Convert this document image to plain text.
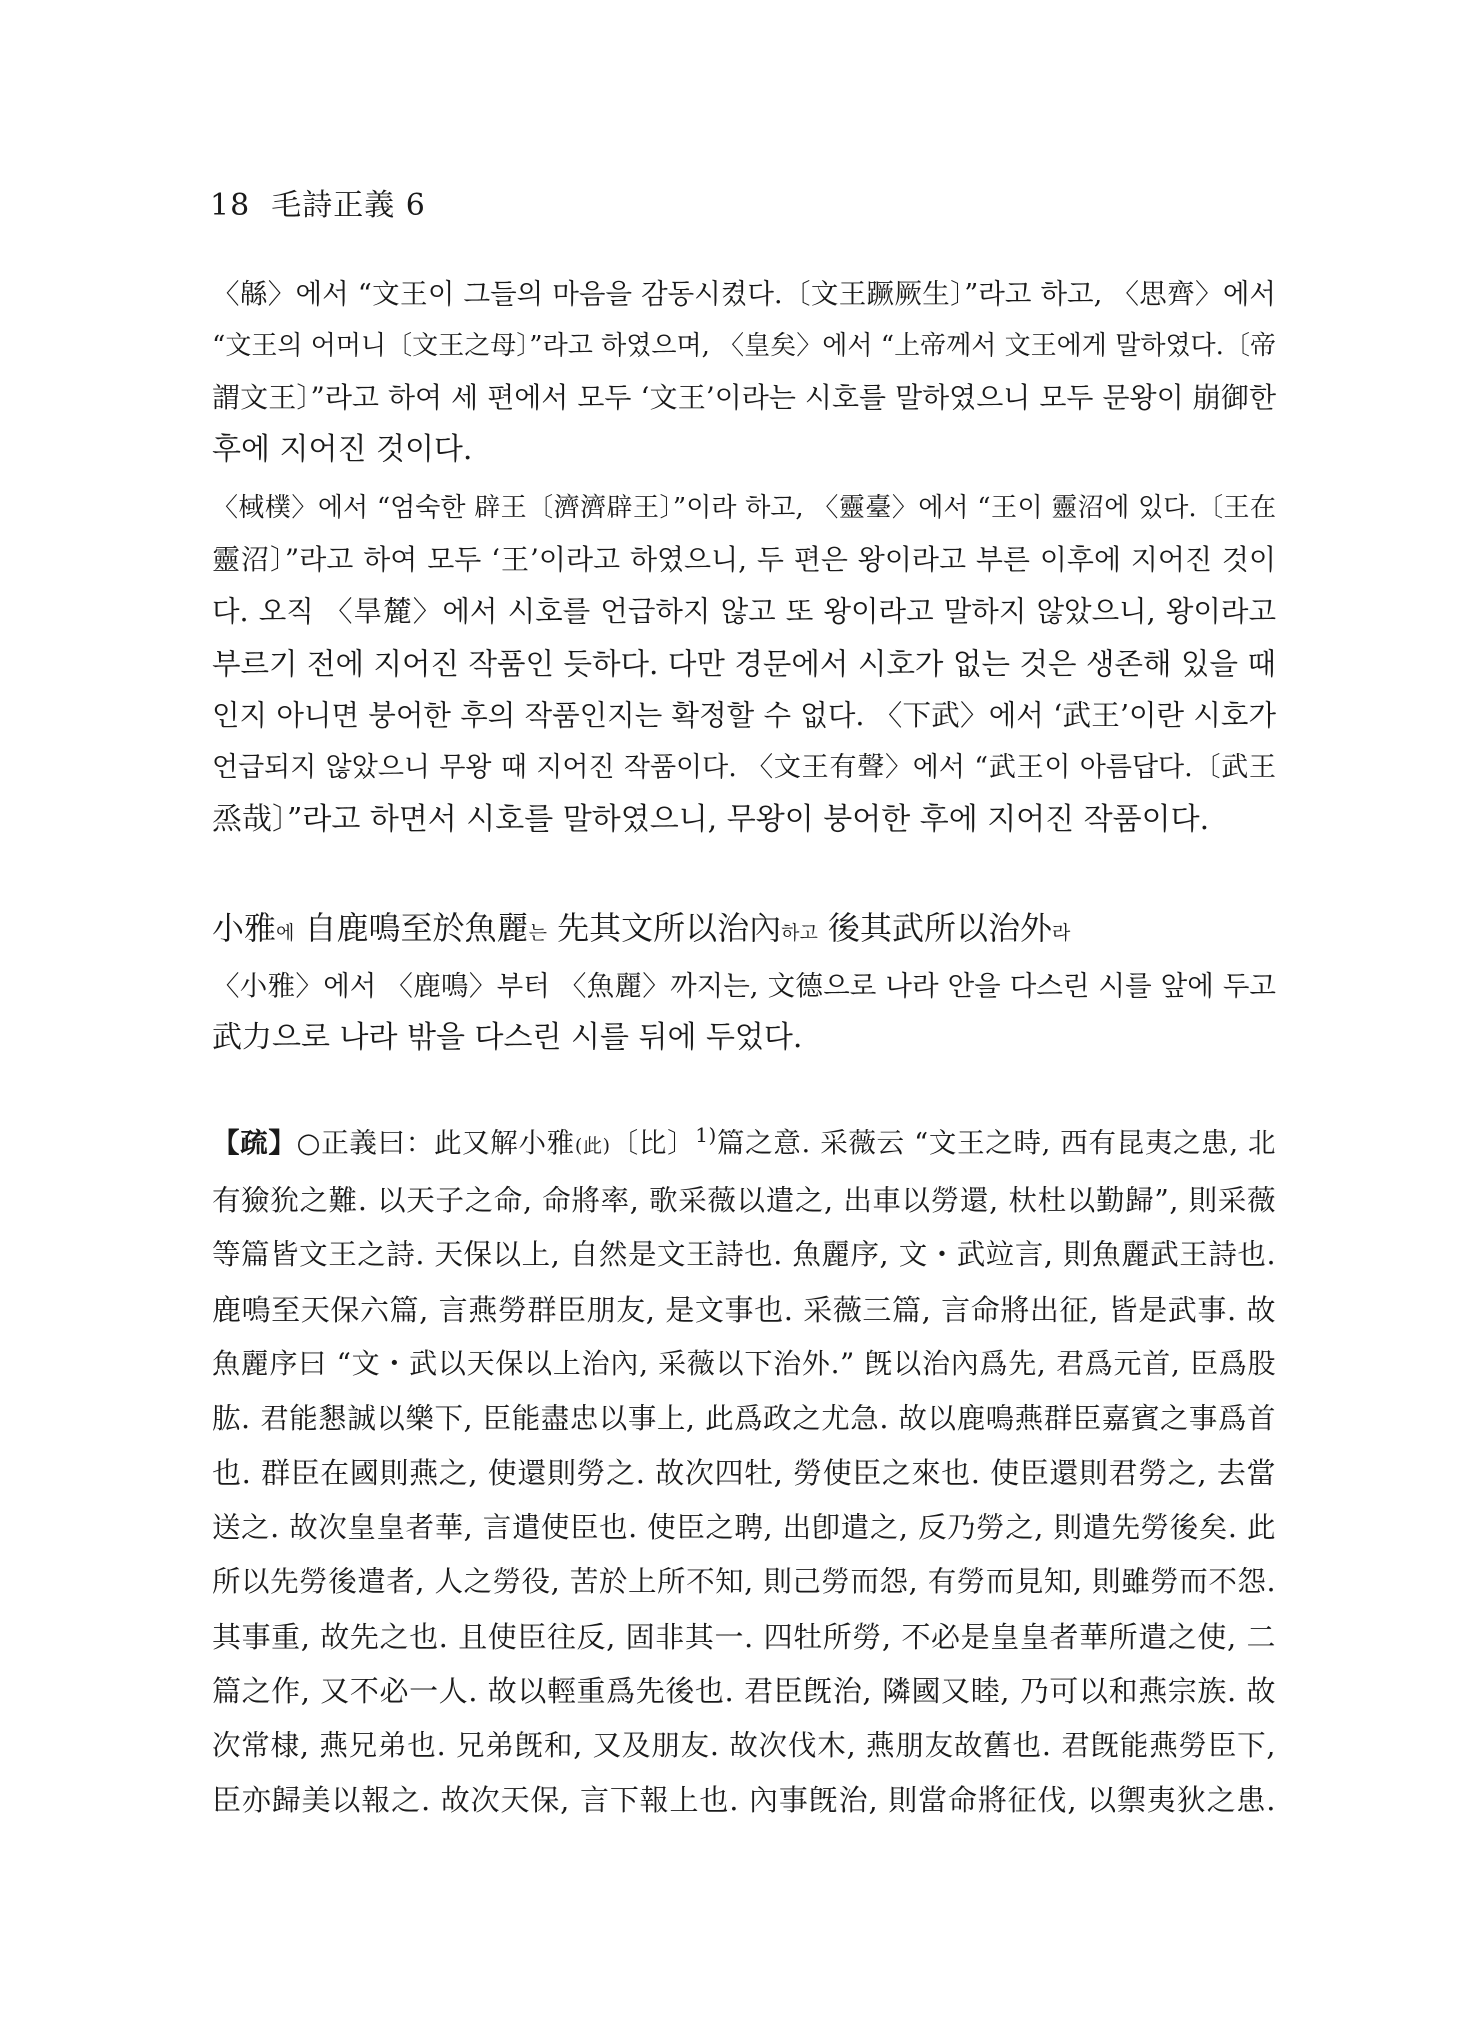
18 毛詩正義 6
〈緜〉에서 “文王이 그들의 마음을 감동시켰다.〔文王蹶厥生〕”라고 하고, 〈思齊〉에서
“文王의 어머니〔文王之母〕”라고 하였으며, 〈皇矣〉에서 “上帝께서 文王에게 말하였다.〔帝
謂文王〕”라고 하여 세 편에서 모두 ‘文王’이라는 시호를 말하였으니 모두 문왕이 崩御한
후에 지어진 것이다.
〈棫樸〉에서 “엄숙한 辟王〔濟濟辟王〕”이라 하고, 〈靈臺〉에서 “王이 靈沼에 있다.〔王在
靈沼〕”라고 하여 모두 ‘王’이라고 하였으니, 두 편은 왕이라고 부른 이후에 지어진 것이
다. 오직 〈旱麓〉에서 시호를 언급하지 않고 또 왕이라고 말하지 않았으니, 왕이라고
부르기 전에 지어진 작품인 듯하다. 다만 경문에서 시호가 없는 것은 생존해 있을 때
인지 아니면 붕어한 후의 작품인지는 확정할 수 없다. 〈下武〉에서 ‘武王’이란 시호가
언급되지 않았으니 무왕 때 지어진 작품이다. 〈文王有聲〉에서 “武王이 아름답다.〔武王
烝哉〕”라고 하면서 시호를 말하였으니, 무왕이 붕어한 후에 지어진 작품이다.
小雅에 自鹿鳴至於魚麗는 先其文所以治內하고 後其武所以治外라
〈小雅〉에서 〈鹿鳴〉부터 〈魚麗〉까지는, 文德으로 나라 안을 다스린 시를 앞에 두고
武力으로 나라 밖을 다스린 시를 뒤에 두었다.
【疏】○正義曰：此又解小雅(此)〔比〕$^{1)}$篇之意. 采薇云 “文王之時, 西有昆夷之患, 北
有獫狁之難. 以天子之命, 命將率, 歌采薇以遣之, 出車以勞還, 杕杜以勤歸”, 則采薇
等篇皆文王之詩. 天保以上, 自然是文王詩也. 魚麗序, 文・武竝言, 則魚麗武王詩也.
鹿鳴至天保六篇, 言燕勞群臣朋友, 是文事也. 采薇三篇, 言命將出征, 皆是武事. 故
魚麗序曰 “文・武以天保以上治內, 采薇以下治外.” 旣以治內爲先, 君爲元首, 臣爲股
肱. 君能懇誠以樂下, 臣能盡忠以事上, 此爲政之尤急. 故以鹿鳴燕群臣嘉賓之事爲首
也. 群臣在國則燕之, 使還則勞之. 故次四牡, 勞使臣之來也. 使臣還則君勞之, 去當
送之. 故次皇皇者華, 言遣使臣也. 使臣之聘, 出卽遣之, 反乃勞之, 則遣先勞後矣. 此
所以先勞後遣者, 人之勞役, 苦於上所不知, 則己勞而怨, 有勞而見知, 則雖勞而不怨.
其事重, 故先之也. 且使臣往反, 固非其一. 四牡所勞, 不必是皇皇者華所遣之使, 二
篇之作, 又不必一人. 故以輕重爲先後也. 君臣旣治, 隣國又睦, 乃可以和燕宗族. 故
次常棣, 燕兄弟也. 兄弟旣和, 又及朋友. 故次伐木, 燕朋友故舊也. 君旣能燕勞臣下,
臣亦歸美以報之. 故次天保, 言下報上也. 內事旣治, 則當命將征伐, 以禦夷狄之患.
